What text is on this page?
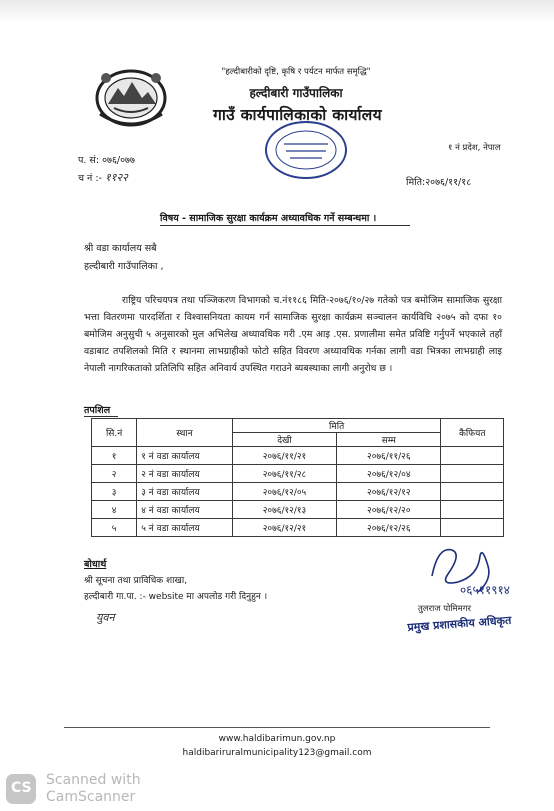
"हल्दीबारीको दृष्टि, कृषि र पर्यटन मार्फत समृद्धि"
हल्दीबारी गाउँपालिका
गाउँ कार्यपालिकाको कार्यालय
१ नं प्रदेश, नेपाल
प. सं: ०७६/०७७
च नं :- ११२२	मिति:२०७६/११/१८
विषय - सामाजिक सुरक्षा कार्यक्रम अध्यावधिक गर्ने सम्बन्धमा ।
श्री वडा कार्यालय सबै
हल्दीबारी गाउँपालिका ,
राष्ट्रिय परिचयपत्र तथा पञ्जिकरण विभागको च.नं११८६ मिति-२०७६/१०/२७ गतेको पत्र बमोजिम सामाजिक सुरक्षा भत्ता वितरणमा पारदर्शिता र विश्वासनियता कायम गर्न सामाजिक सुरक्षा कार्यक्रम सञ्चालन कार्यविधि २०७५ को दफा १० बमोजिम अनुसुची ५ अनुसारको मुल अभिलेख अध्यावधिक गरी .एम आइ .एस. प्रणालीमा समेत प्रविष्टि गर्नुपर्ने भएकाले तहाँ वडाबाट तपशिलको मिति र स्थानमा लाभग्राहीको फोटो सहित विवरण अध्यावधिक गर्नका लागी वडा भित्रका लाभग्राही लाइ नेपाली नागरिकताको प्रतिलिपि सहित अनिवार्य उपस्थित गराउने ब्यबस्थाका लागी अनुरोध छ ।
तपशिल
सि.नं	स्थान	मिति		कैफियत
		देखी	सम्म	
१	१ नं वडा कार्यालय	२०७६/११/२१	२०७६/११/२६	
२	२ नं वडा कार्यालय	२०७६/११/२८	२०७६/१२/०४	
३	३ नं वडा कार्यालय	२०७६/१२/०५	२०७६/१२/१२	
४	४ नं वडा कार्यालय	२०७६/१२/१३	२०७६/१२/२०	
५	५ नं वडा कार्यालय	२०७६/१२/२१	२०७६/१२/२६	
बोधार्थ
श्री सूचना तथा प्राविधिक शाखा,
हल्दीबारी गा.पा. :- website मा अपलोड गरी दिनुहुन ।
युवन
०६५११९१४
तुलराज पोमिमगर
प्रमुख प्रशासकीय अधिकृत
www.haldibarimun.gov.np
haldibariruralmunicipality123@gmail.com
CS Scanned with
CamScanner
